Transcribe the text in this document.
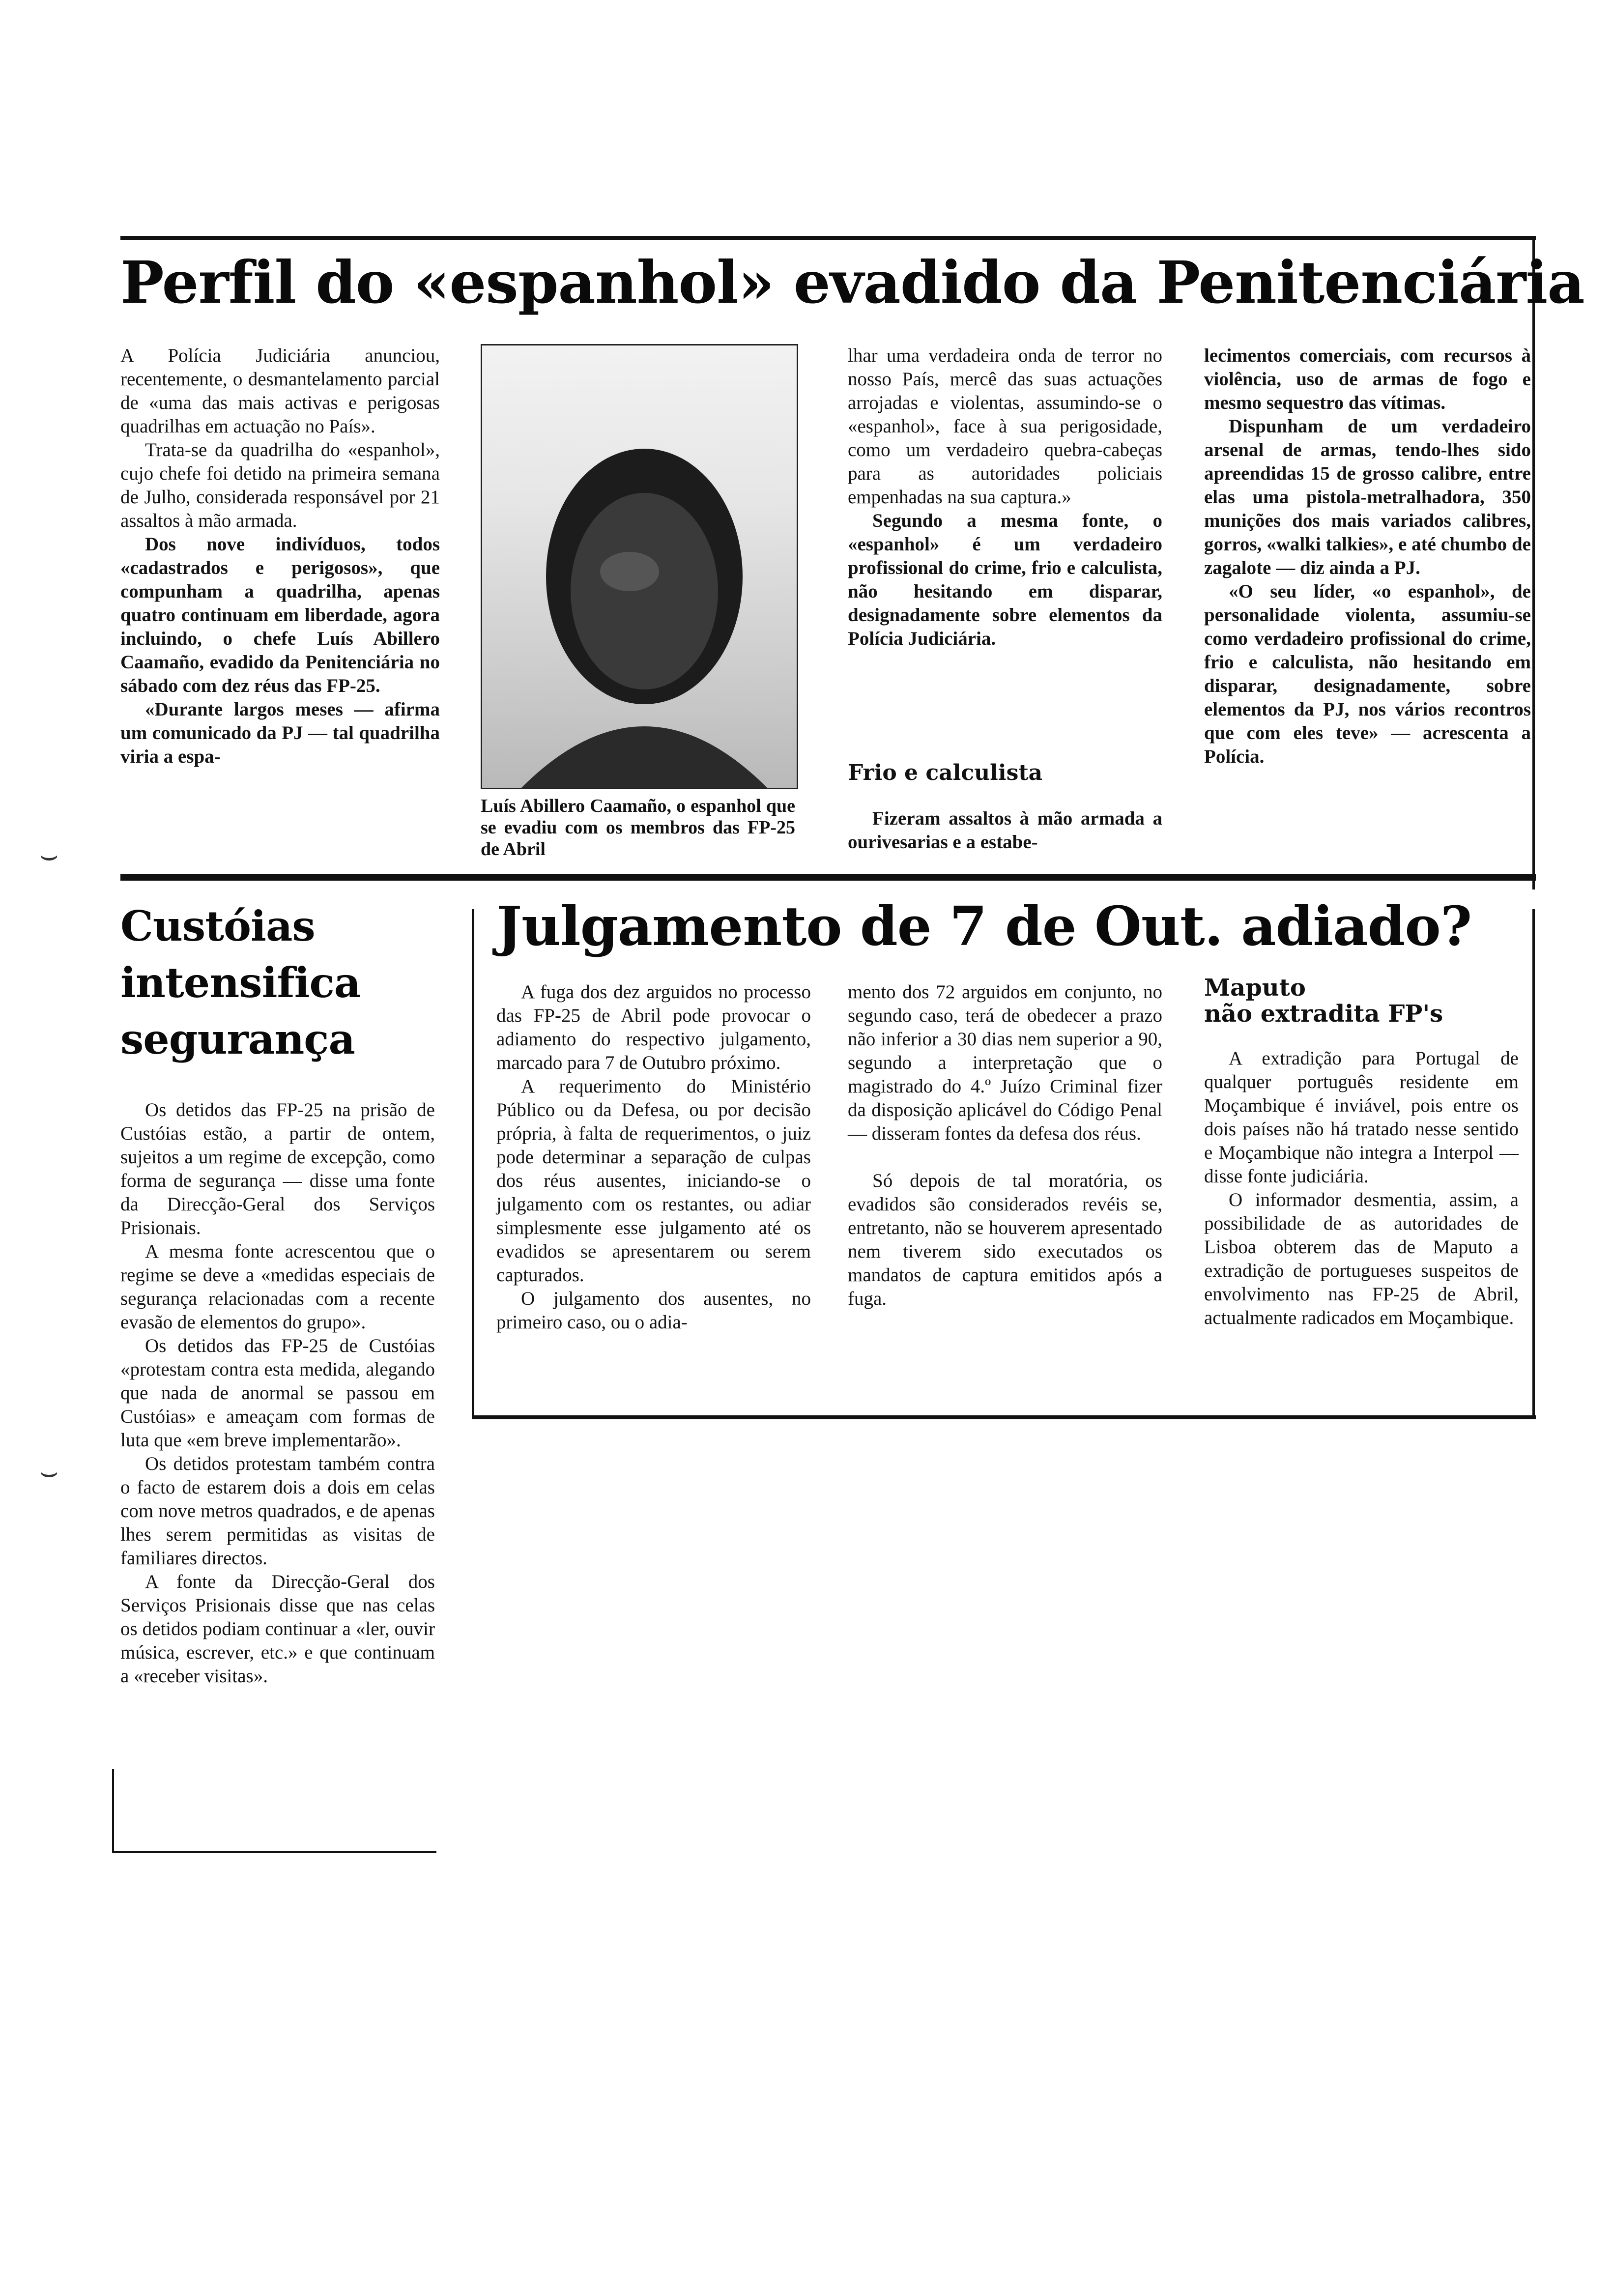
Perfil do «espanhol» evadido da Penitenciária

A Polícia Judiciária anunciou, recentemente, o desmantelamento parcial de «uma das mais activas e perigosas quadrilhas em actuação no País».

Trata-se da quadrilha do «espanhol», cujo chefe foi detido na primeira semana de Julho, considerada responsável por 21 assaltos à mão armada.

Dos nove indivíduos, todos «cadastrados e perigosos», que compunham a quadrilha, apenas quatro continuam em liberdade, agora incluindo, o chefe Luís Abillero Caamaño, evadido da Penitenciária no sábado com dez réus das FP-25.

«Durante largos meses — afirma um comunicado da PJ — tal quadrilha viria a espa-

Luís Abillero Caamaño, o espanhol que se evadiu com os membros das FP-25 de Abril

lhar uma verdadeira onda de terror no nosso País, mercê das suas actuações arrojadas e violentas, assumindo-se o «espanhol», face à sua perigosidade, como um verdadeiro quebra-cabeças para as autoridades policiais empenhadas na sua captura.»

Segundo a mesma fonte, o «espanhol» é um verdadeiro profissional do crime, frio e calculista, não hesitando em disparar, designadamente sobre elementos da Polícia Judiciária.

Frio e calculista

Fizeram assaltos à mão armada a ourivesarias e a estabe-

lecimentos comerciais, com recursos à violência, uso de armas de fogo e mesmo sequestro das vítimas.

Dispunham de um verdadeiro arsenal de armas, tendo-lhes sido apreendidas 15 de grosso calibre, entre elas uma pistola-metralhadora, 350 munições dos mais variados calibres, gorros, «walki talkies», e até chumbo de zagalote — diz ainda a PJ.

«O seu líder, «o espanhol», de personalidade violenta, assumiu-se como verdadeiro profissional do crime, frio e calculista, não hesitando em disparar, designadamente, sobre elementos da PJ, nos vários recontros que com eles teve» — acrescenta a Polícia.

Custóias
intensifica
segurança

Os detidos das FP-25 na prisão de Custóias estão, a partir de ontem, sujeitos a um regime de excepção, como forma de segurança — disse uma fonte da Direcção-Geral dos Serviços Prisionais.

A mesma fonte acrescentou que o regime se deve a «medidas especiais de segurança relacionadas com a recente evasão de elementos do grupo».

Os detidos das FP-25 de Custóias «protestam contra esta medida, alegando que nada de anormal se passou em Custóias» e ameaçam com formas de luta que «em breve implementarão».

Os detidos protestam também contra o facto de estarem dois a dois em celas com nove metros quadrados, e de apenas lhes serem permitidas as visitas de familiares directos.

A fonte da Direcção-Geral dos Serviços Prisionais disse que nas celas os detidos podiam continuar a «ler, ouvir música, escrever, etc.» e que continuam a «receber visitas».

Julgamento de 7 de Out. adiado?

A fuga dos dez arguidos no processo das FP-25 de Abril pode provocar o adiamento do respectivo julgamento, marcado para 7 de Outubro próximo.

A requerimento do Ministério Público ou da Defesa, ou por decisão própria, à falta de requerimentos, o juiz pode determinar a separação de culpas dos réus ausentes, iniciando-se o julgamento com os restantes, ou adiar simplesmente esse julgamento até os evadidos se apresentarem ou serem capturados.

O julgamento dos ausentes, no primeiro caso, ou o adia-

mento dos 72 arguidos em conjunto, no segundo caso, terá de obedecer a prazo não inferior a 30 dias nem superior a 90, segundo a interpretação que o magistrado do 4.º Juízo Criminal fizer da disposição aplicável do Código Penal — disseram fontes da defesa dos réus.

Só depois de tal moratória, os evadidos são considerados revéis se, entretanto, não se houverem apresentado nem tiverem sido executados os mandatos de captura emitidos após a fuga.

Maputo
não extradita FP's

A extradição para Portugal de qualquer português residente em Moçambique é inviável, pois entre os dois países não há tratado nesse sentido e Moçambique não integra a Interpol — disse fonte judiciária.

O informador desmentia, assim, a possibilidade de as autoridades de Lisboa obterem das de Maputo a extradição de portugueses suspeitos de envolvimento nas FP-25 de Abril, actualmente radicados em Moçambique.

⌣
⌣
